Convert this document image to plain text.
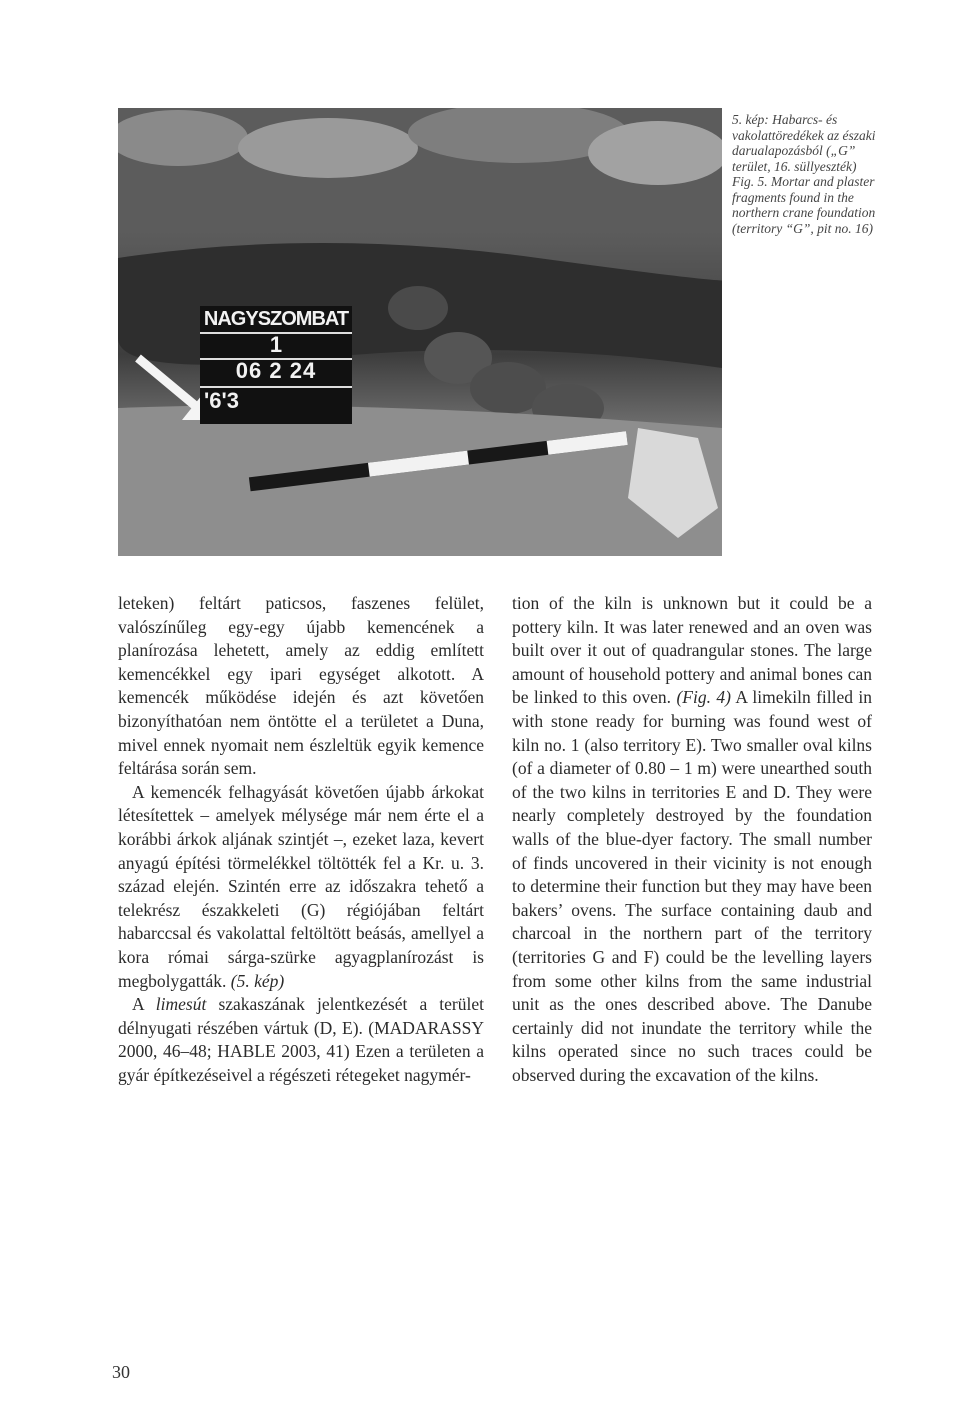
NAGYSZOMBAT
1
06 2 24
'6'3

5. kép: Habarcs- és vakolattöredékek az északi darualapozásból („G” terület, 16. süllyeszték)

Fig. 5. Mortar and plaster fragments found in the northern crane foundation (territory “G”, pit no. 16)

leteken) feltárt paticsos, faszenes felület, valószínűleg egy-egy újabb kemencének a planírozása lehetett, amely az eddig említett kemencékkel egy ipari egységet alkotott. A kemencék működése idején és azt követően bizonyíthatóan nem öntötte el a területet a Duna, mivel ennek nyomait nem észleltük egyik kemence feltárása során sem.

A kemencék felhagyását követően újabb árkokat létesítettek – amelyek mélysége már nem érte el a korábbi árkok aljának szintjét –, ezeket laza, kevert anyagú építési törmelékkel töltötték fel a Kr. u. 3. század elején. Szintén erre az időszakra tehető a telekrész északkeleti (G) régiójában feltárt habarccsal és vakolattal feltöltött beásás, amellyel a kora római sárga-szürke agyagplanírozást is megbolygatták. (5. kép)

A limesút szakaszának jelentkezését a terület délnyugati részében vártuk (D, E). (MADARASSY 2000, 46–48; HABLE 2003, 41) Ezen a területen a gyár építkezéseivel a régészeti rétegeket nagymér-

tion of the kiln is unknown but it could be a pottery kiln. It was later renewed and an oven was built over it out of quadrangular stones. The large amount of household pottery and animal bones can be linked to this oven. (Fig. 4) A limekiln filled in with stone ready for burning was found west of kiln no. 1 (also territory E). Two smaller oval kilns (of a diameter of 0.80 – 1 m) were unearthed south of the two kilns in territories E and D. They were nearly completely destroyed by the foundation walls of the blue-dyer factory. The small number of finds uncovered in their vicinity is not enough to determine their function but they may have been bakers’ ovens. The surface containing daub and charcoal in the northern part of the territory (territories G and F) could be the levelling layers from some other kilns from the same industrial unit as the ones described above. The Danube certainly did not inundate the territory while the kilns operated since no such traces could be observed during the excavation of the kilns.

30
